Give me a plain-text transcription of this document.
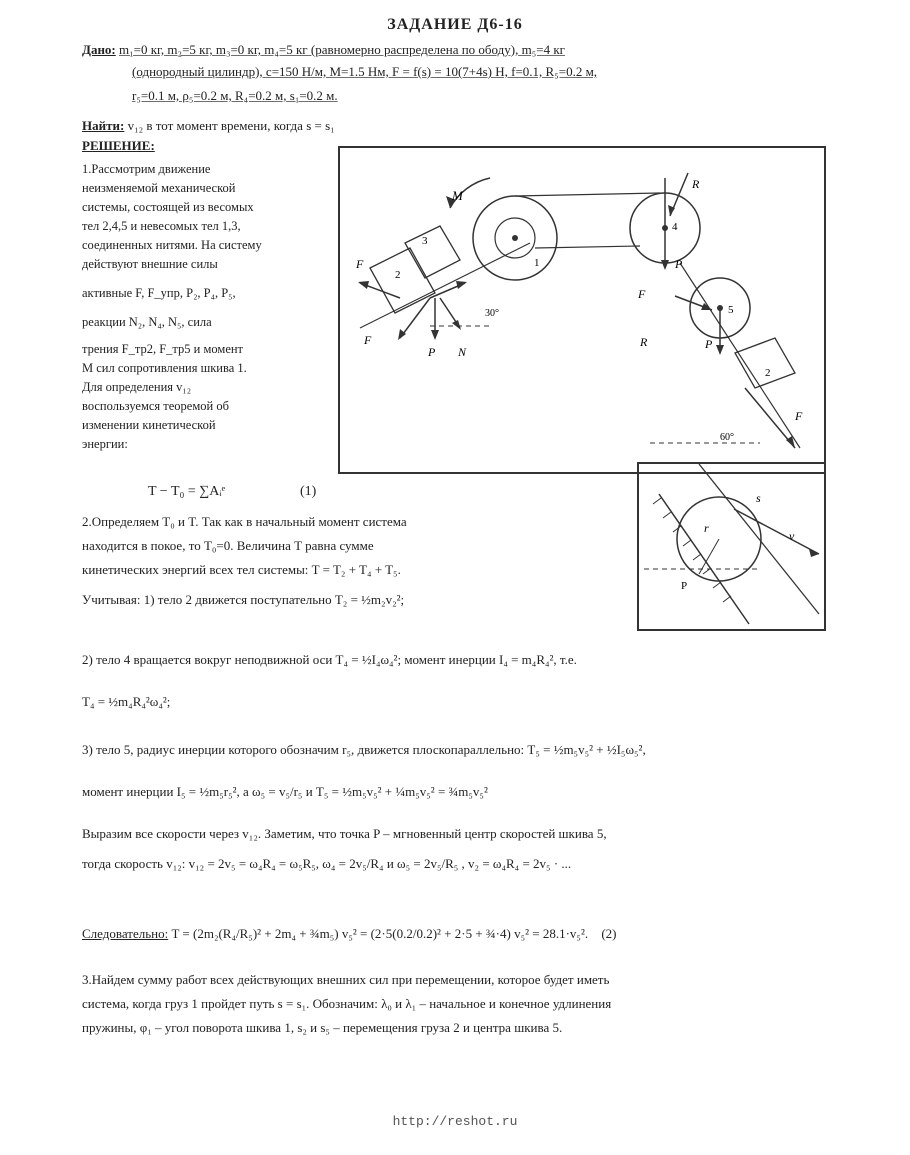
ЗАДАНИЕ Д6-16
Дано: m₁=0 кг, m₂=5 кг, m₃=0 кг, m₄=5 кг (равномерно распределена по ободу), m₅=4 кг
(однородный цилиндр), c=150 Н/м, M=1.5 Нм, F = f(s) = 10(7+4s) Н, f=0.1, R₅=0.2 м,
r₅=0.1 м, ρ₅=0.2 м, R₄=0.2 м, s₁=0.2 м.
Найти: v₁₂ в тот момент времени, когда s = s₁
РЕШЕНИЕ:
1.Рассмотрим движение
неизменяемой механической
системы, состоящей из весомых
тел 2,4,5 и невесомых тел 1,3,
соединенных нитями. На систему
действуют внешние силы
активные F, F_упр, P₂, P₄, P₅,
реакции N₂, N₄, N₅, сила
трения F_тр2, F_тр5 и момент
M сил сопротивления шкива 1.
Для определения v₁₂
воспользуемся теоремой об
изменении кинетической
энергии:
T − T₀ = ∑Aᵢᵉ	(1)
M
1
3
2
F
F
P N
30°
R
4
P
F
R	P
5
2
F
60°
s
r
v
P
2.Определяем T₀ и T. Так как в начальный момент система
находится в покое, то T₀=0. Величина T равна сумме
кинетических энергий всех тел системы: T = T₂ + T₄ + T₅.
Учитывая: 1) тело 2 движется поступательно T₂ = ½m₂v₂²;
2) тело 4 вращается вокруг неподвижной оси T₄ = ½I₄ω₄²; момент инерции I₄ = m₄R₄², т.е.
T₄ = ½m₄R₄²ω₄²;
3) тело 5, радиус инерции которого обозначим r₅, движется плоскопараллельно: T₅ = ½m₅v₅² + ½I₅ω₅²,
момент инерции I₅ = ½m₅r₅², а ω₅ = v₅/r₅ и T₅ = ½m₅v₅² + ¼m₅v₅² = ¾m₅v₅²
Выразим все скорости через v₁₂. Заметим, что точка P – мгновенный центр скоростей шкива 5,
тогда скорость v₁₂: v₁₂ = 2v₅ = ω₄R₄ = ω₅R₅, ω₄ = 2v₅/R₄ и ω₅ = 2v₅/R₅ , v₂ = ω₄R₄ = 2v₅ · ...
Следовательно: T = (2m₂(R₄/R₅)² + 2m₄ + ¾m₅) v₅² = (2·5(0.2/0.2)² + 2·5 + ¾·4) v₅² = 28.1·v₅². (2)
3.Найдем сумму работ всех действующих внешних сил при перемещении, которое будет иметь
система, когда груз 1 пройдет путь s = s₁. Обозначим: λ₀ и λ₁ – начальное и конечное удлинения
пружины, φ₁ – угол поворота шкива 1, s₂ и s₅ – перемещения груза 2 и центра шкива 5.
http://reshot.ru
